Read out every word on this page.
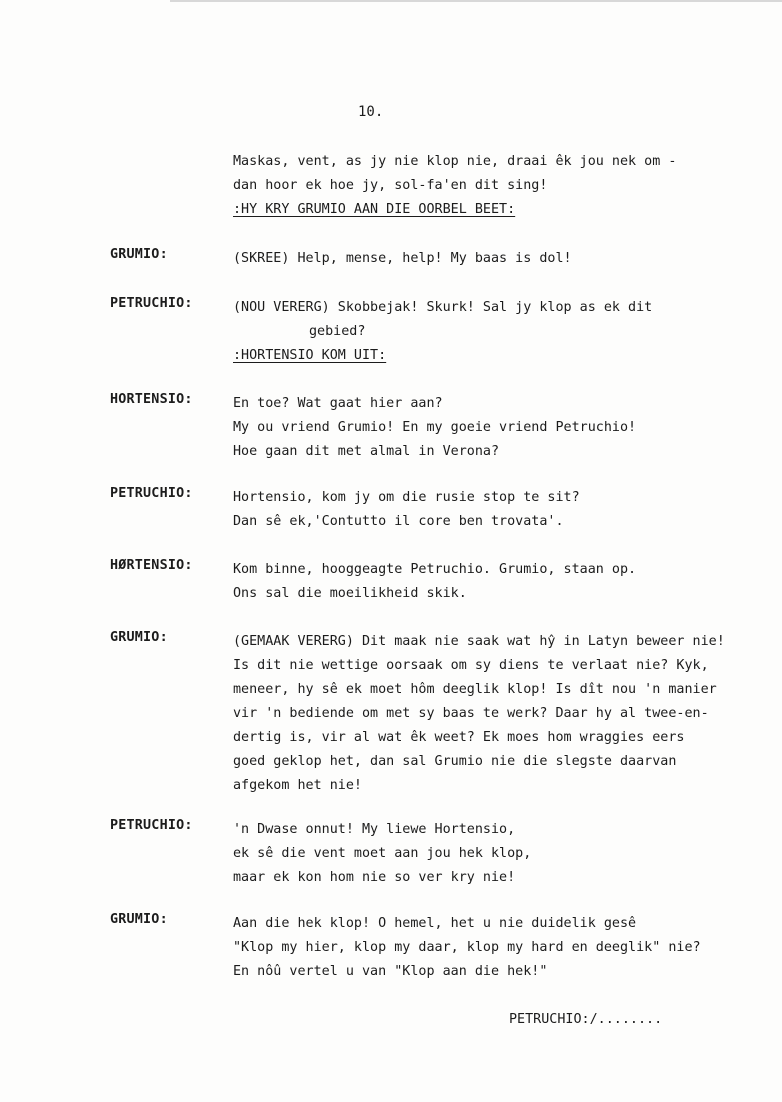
10.
Maskas, vent, as jy nie klop nie, draai êk jou nek om -
dan hoor ek hoe jy, sol-fa'en dit sing!
:HY KRY GRUMIO AAN DIE OORBEL BEET:
GRUMIO:	(SKREE) Help, mense, help! My baas is dol!
PETRUCHIO:	(NOU VERERG) Skobbejak! Skurk! Sal jy klop as ek dit
gebied?
:HORTENSIO KOM UIT:
HORTENSIO:	En toe? Wat gaat hier aan?
My ou vriend Grumio! En my goeie vriend Petruchio!
Hoe gaan dit met almal in Verona?
PETRUCHIO:	Hortensio, kom jy om die rusie stop te sit?
Dan sê ek,'Contutto il core ben trovata'.
HØRTENSIO:	Kom binne, hooggeagte Petruchio. Grumio, staan op.
Ons sal die moeilikheid skik.
GRUMIO:	(GEMAAK VERERG) Dit maak nie saak wat hŷ in Latyn beweer nie!
Is dit nie wettige oorsaak om sy diens te verlaat nie? Kyk,
meneer, hy sê ek moet hôm deeglik klop! Is dît nou 'n manier
vir 'n bediende om met sy baas te werk? Daar hy al twee-en-
dertig is, vir al wat êk weet? Ek moes hom wraggies eers
goed geklop het, dan sal Grumio nie die slegste daarvan
afgekom het nie!
PETRUCHIO:	'n Dwase onnut! My liewe Hortensio,
ek sê die vent moet aan jou hek klop,
maar ek kon hom nie so ver kry nie!
GRUMIO:	Aan die hek klop! O hemel, het u nie duidelik gesê
"Klop my hier, klop my daar, klop my hard en deeglik" nie?
En nôû vertel u van "Klop aan die hek!"
PETRUCHIO:/........
